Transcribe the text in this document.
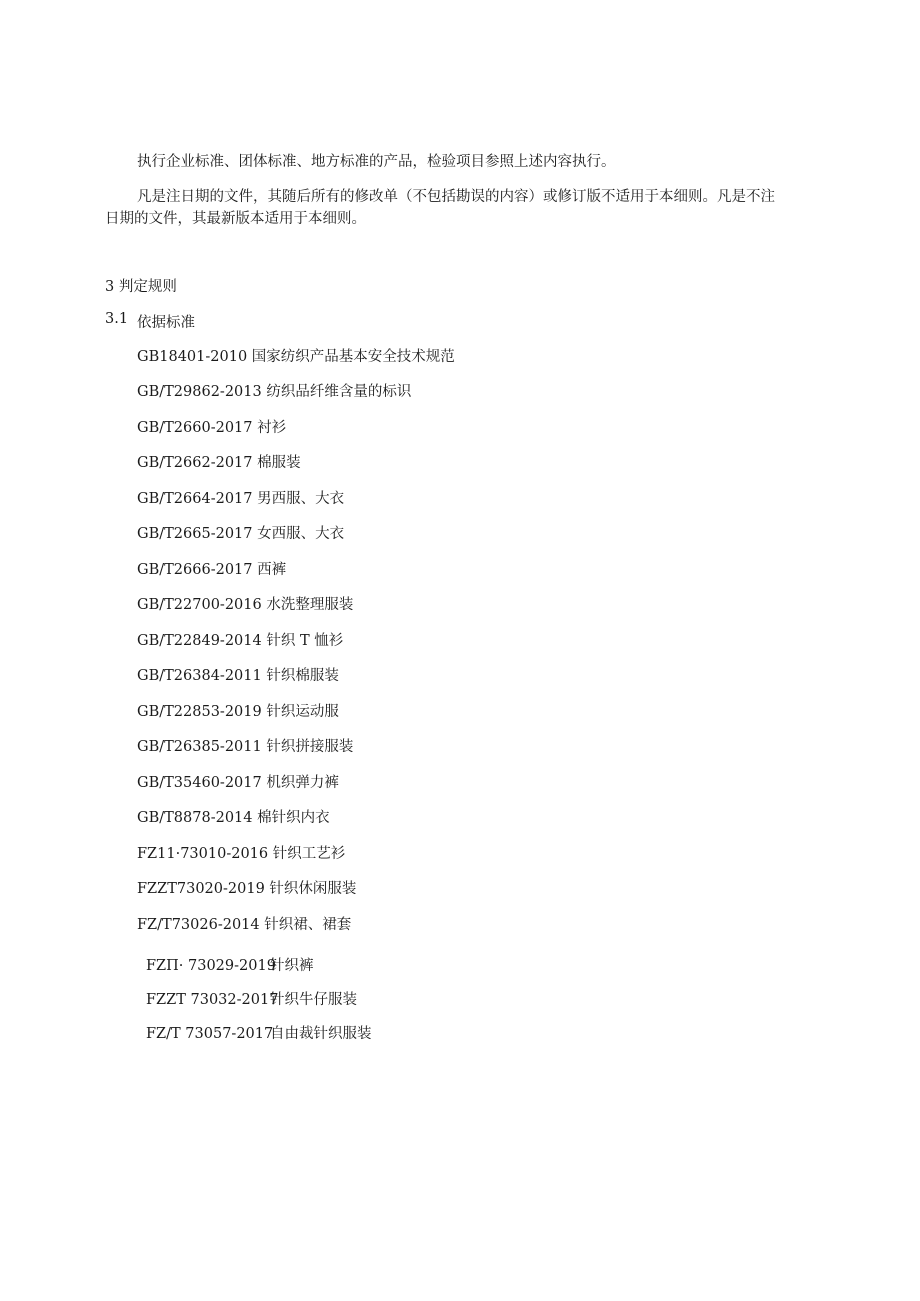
执行企业标准、团体标准、地方标准的产品，检验项目参照上述内容执行。
凡是注日期的文件，其随后所有的修改单（不包括勘误的内容）或修订版不适用于本细则。凡是不注
日期的文件，其最新版本适用于本细则。
3 判定规则
3.1 依据标准
GB18401-2010 国家纺织产品基本安全技术规范
GB/T29862-2013 纺织品纤维含量的标识
GB/T2660-2017 衬衫
GB/T2662-2017 棉服装
GB/T2664-2017 男西服、大衣
GB/T2665-2017 女西服、大衣
GB/T2666-2017 西裤
GB/T22700-2016 水洗整理服装
GB/T22849-2014 针织 T 恤衫
GB/T26384-2011 针织棉服装
GB/T22853-2019 针织运动服
GB/T26385-2011 针织拼接服装
GB/T35460-2017 机织弹力裤
GB/T8878-2014 棉针织内衣
FZ11·73010-2016 针织工艺衫
FZZT73020-2019 针织休闲服装
FZ/T73026-2014 针织裙、裙套
FZΠ· 73029-2019针织裤
FZZT 73032-2017针织牛仔服装
FZ/T 73057-2017自由裁针织服装
